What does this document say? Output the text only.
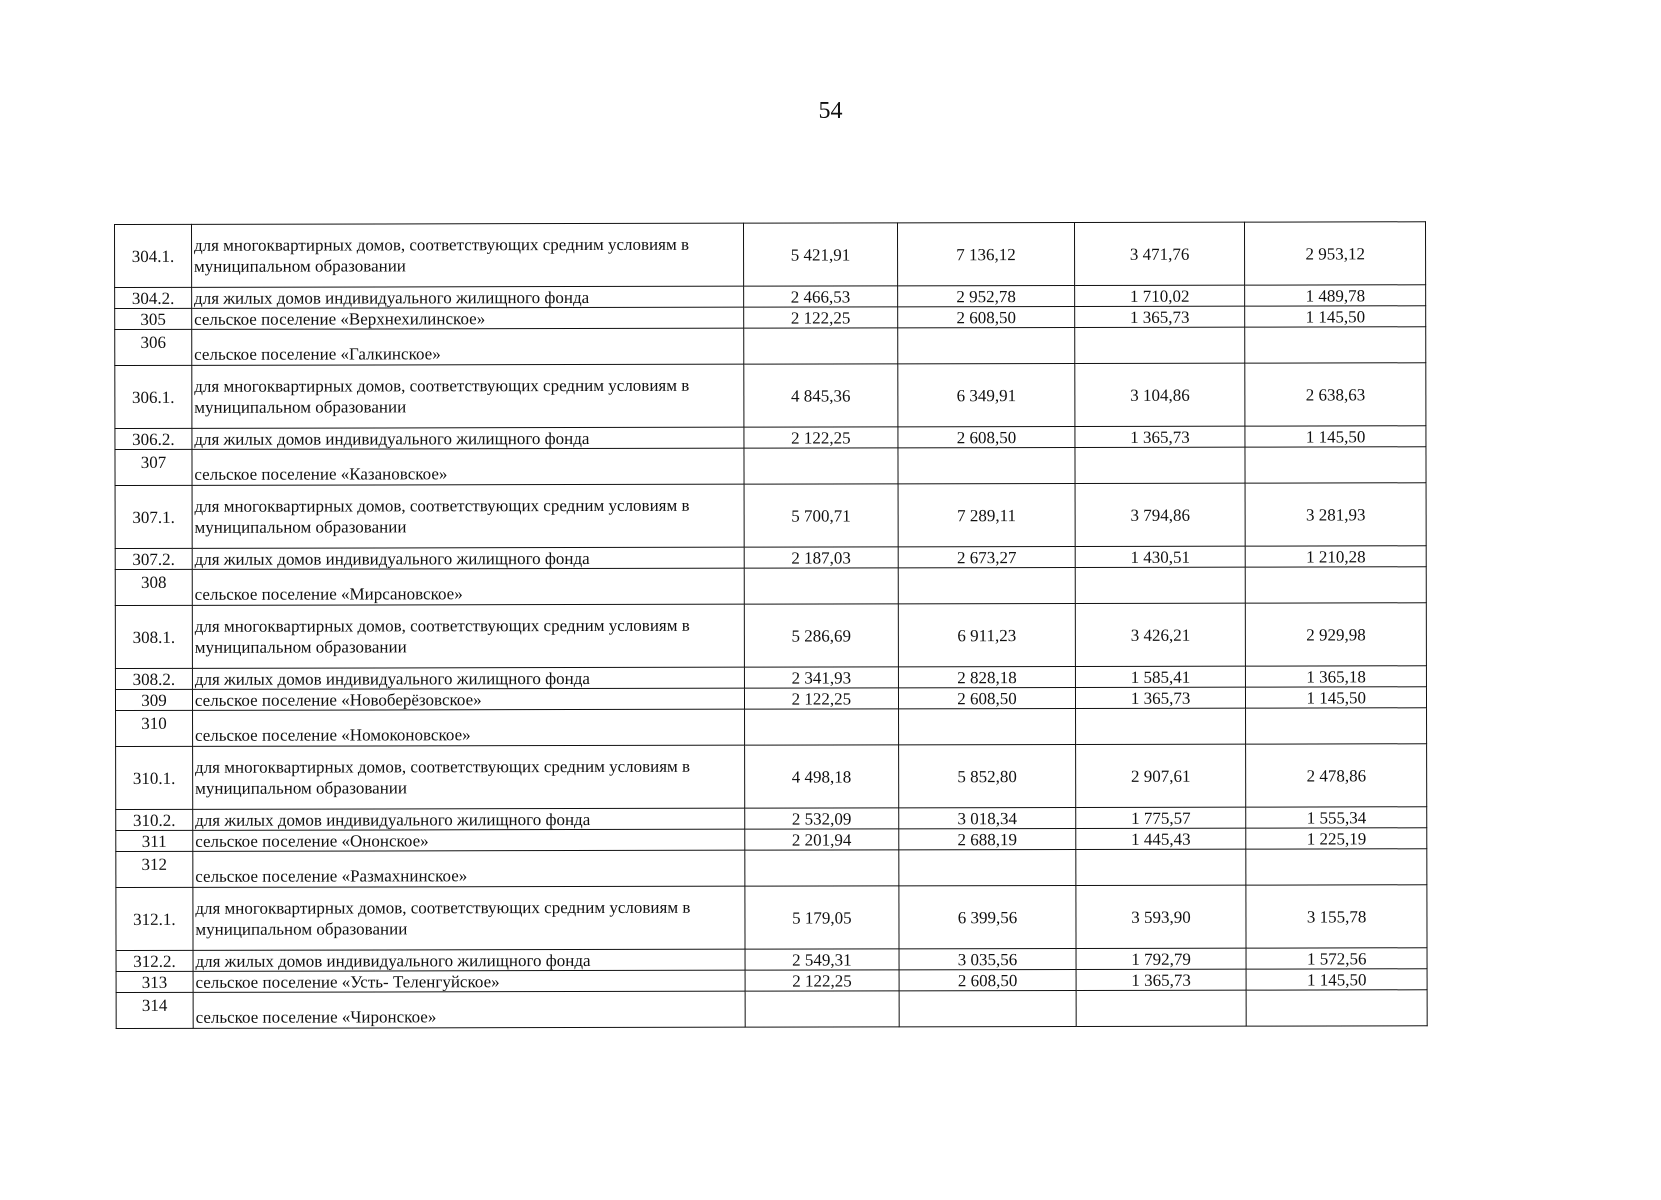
54
304.1.	для многоквартирных домов, соответствующих средним условиям в муниципальном образовании	5 421,91	7 136,12	3 471,76	2 953,12
304.2.	для жилых домов индивидуального жилищного фонда	2 466,53	2 952,78	1 710,02	1 489,78
305	сельское поселение «Верхнехилинское»	2 122,25	2 608,50	1 365,73	1 145,50
306	сельское поселение «Галкинское»				
306.1.	для многоквартирных домов, соответствующих средним условиям в муниципальном образовании	4 845,36	6 349,91	3 104,86	2 638,63
306.2.	для жилых домов индивидуального жилищного фонда	2 122,25	2 608,50	1 365,73	1 145,50
307	сельское поселение «Казановское»				
307.1.	для многоквартирных домов, соответствующих средним условиям в муниципальном образовании	5 700,71	7 289,11	3 794,86	3 281,93
307.2.	для жилых домов индивидуального жилищного фонда	2 187,03	2 673,27	1 430,51	1 210,28
308	сельское поселение «Мирсановское»				
308.1.	для многоквартирных домов, соответствующих средним условиям в муниципальном образовании	5 286,69	6 911,23	3 426,21	2 929,98
308.2.	для жилых домов индивидуального жилищного фонда	2 341,93	2 828,18	1 585,41	1 365,18
309	сельское поселение «Новоберёзовское»	2 122,25	2 608,50	1 365,73	1 145,50
310	сельское поселение «Номоконовское»				
310.1.	для многоквартирных домов, соответствующих средним условиям в муниципальном образовании	4 498,18	5 852,80	2 907,61	2 478,86
310.2.	для жилых домов индивидуального жилищного фонда	2 532,09	3 018,34	1 775,57	1 555,34
311	сельское поселение «Ононское»	2 201,94	2 688,19	1 445,43	1 225,19
312	сельское поселение «Размахнинское»				
312.1.	для многоквартирных домов, соответствующих средним условиям в муниципальном образовании	5 179,05	6 399,56	3 593,90	3 155,78
312.2.	для жилых домов индивидуального жилищного фонда	2 549,31	3 035,56	1 792,79	1 572,56
313	сельское поселение «Усть- Теленгуйское»	2 122,25	2 608,50	1 365,73	1 145,50
314	сельское поселение «Чиронское»				
